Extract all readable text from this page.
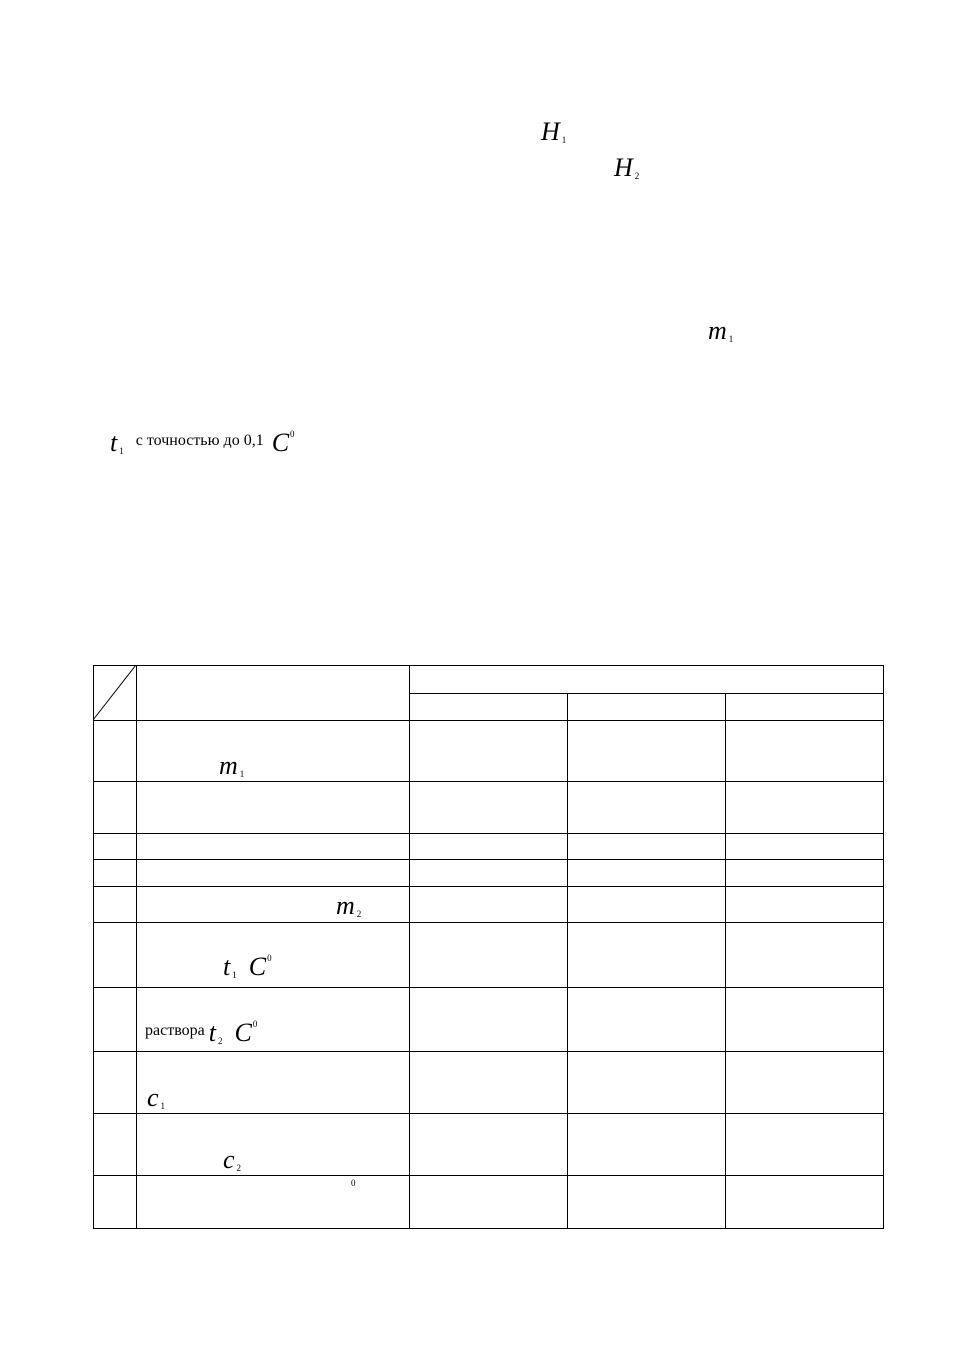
H 1
H 2
m 1
t 1 с точностью до 0,1 $C^0$
m 1
m 2
t 1 $C^0$
раствора t 2 $C^0$
c 1
c 2
0
